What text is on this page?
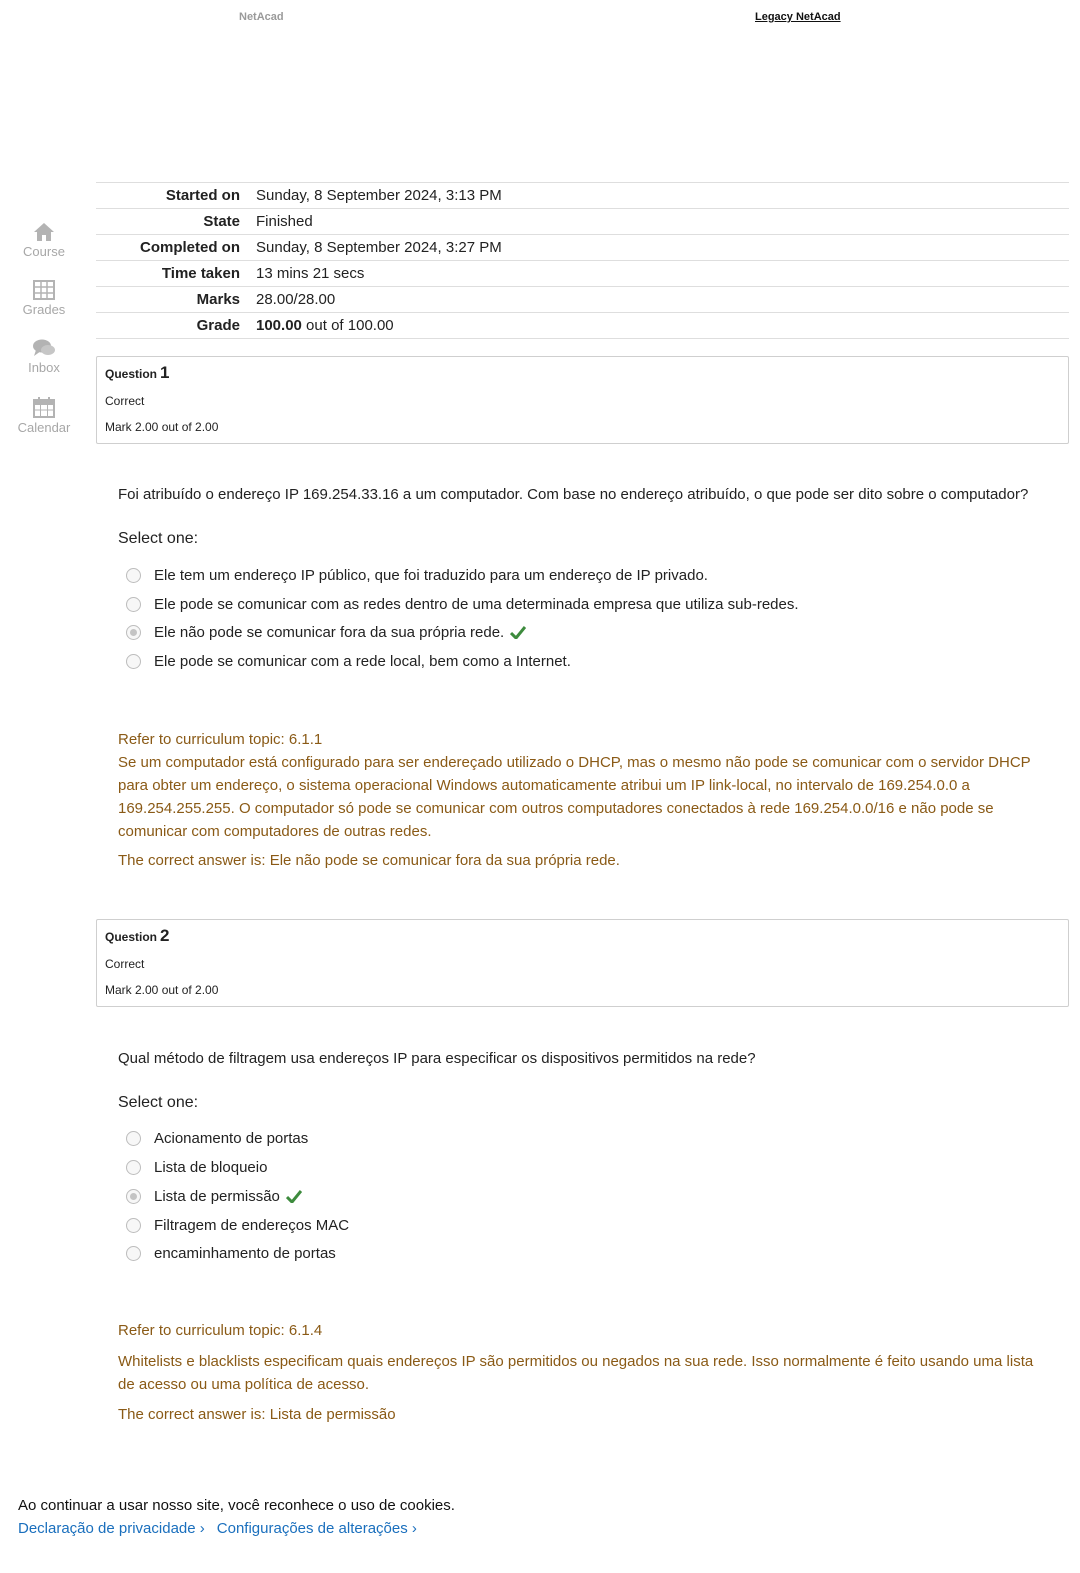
NetAcad	Legacy NetAcad
Course
Grades
Inbox
Calendar
Started on	Sunday, 8 September 2024, 3:13 PM
State	Finished
Completed on	Sunday, 8 September 2024, 3:27 PM
Time taken	13 mins 21 secs
Marks	28.00/28.00
Grade	100.00 out of 100.00
Question 1
Correct
Mark 2.00 out of 2.00
Foi atribuído o endereço IP 169.254.33.16 a um computador. Com base no endereço atribuído, o que pode ser dito sobre o computador?
Select one:
Ele tem um endereço IP público, que foi traduzido para um endereço de IP privado.
Ele pode se comunicar com as redes dentro de uma determinada empresa que utiliza sub-redes.
Ele não pode se comunicar fora da sua própria rede.
Ele pode se comunicar com a rede local, bem como a Internet.
Refer to curriculum topic: 6.1.1
Se um computador está configurado para ser endereçado utilizado o DHCP, mas o mesmo não pode se comunicar com o servidor DHCP para obter um endereço, o sistema operacional Windows automaticamente atribui um IP link-local, no intervalo de 169.254.0.0 a 169.254.255.255. O computador só pode se comunicar com outros computadores conectados à rede 169.254.0.0/16 e não pode se comunicar com computadores de outras redes.
The correct answer is: Ele não pode se comunicar fora da sua própria rede.
Question 2
Correct
Mark 2.00 out of 2.00
Qual método de filtragem usa endereços IP para especificar os dispositivos permitidos na rede?
Select one:
Acionamento de portas
Lista de bloqueio
Lista de permissão
Filtragem de endereços MAC
encaminhamento de portas
Refer to curriculum topic: 6.1.4
Whitelists e blacklists especificam quais endereços IP são permitidos ou negados na sua rede. Isso normalmente é feito usando uma lista de acesso ou uma política de acesso.
The correct answer is: Lista de permissão
Ao continuar a usar nosso site, você reconhece o uso de cookies.
Declaração de privacidade › Configurações de alterações ›
